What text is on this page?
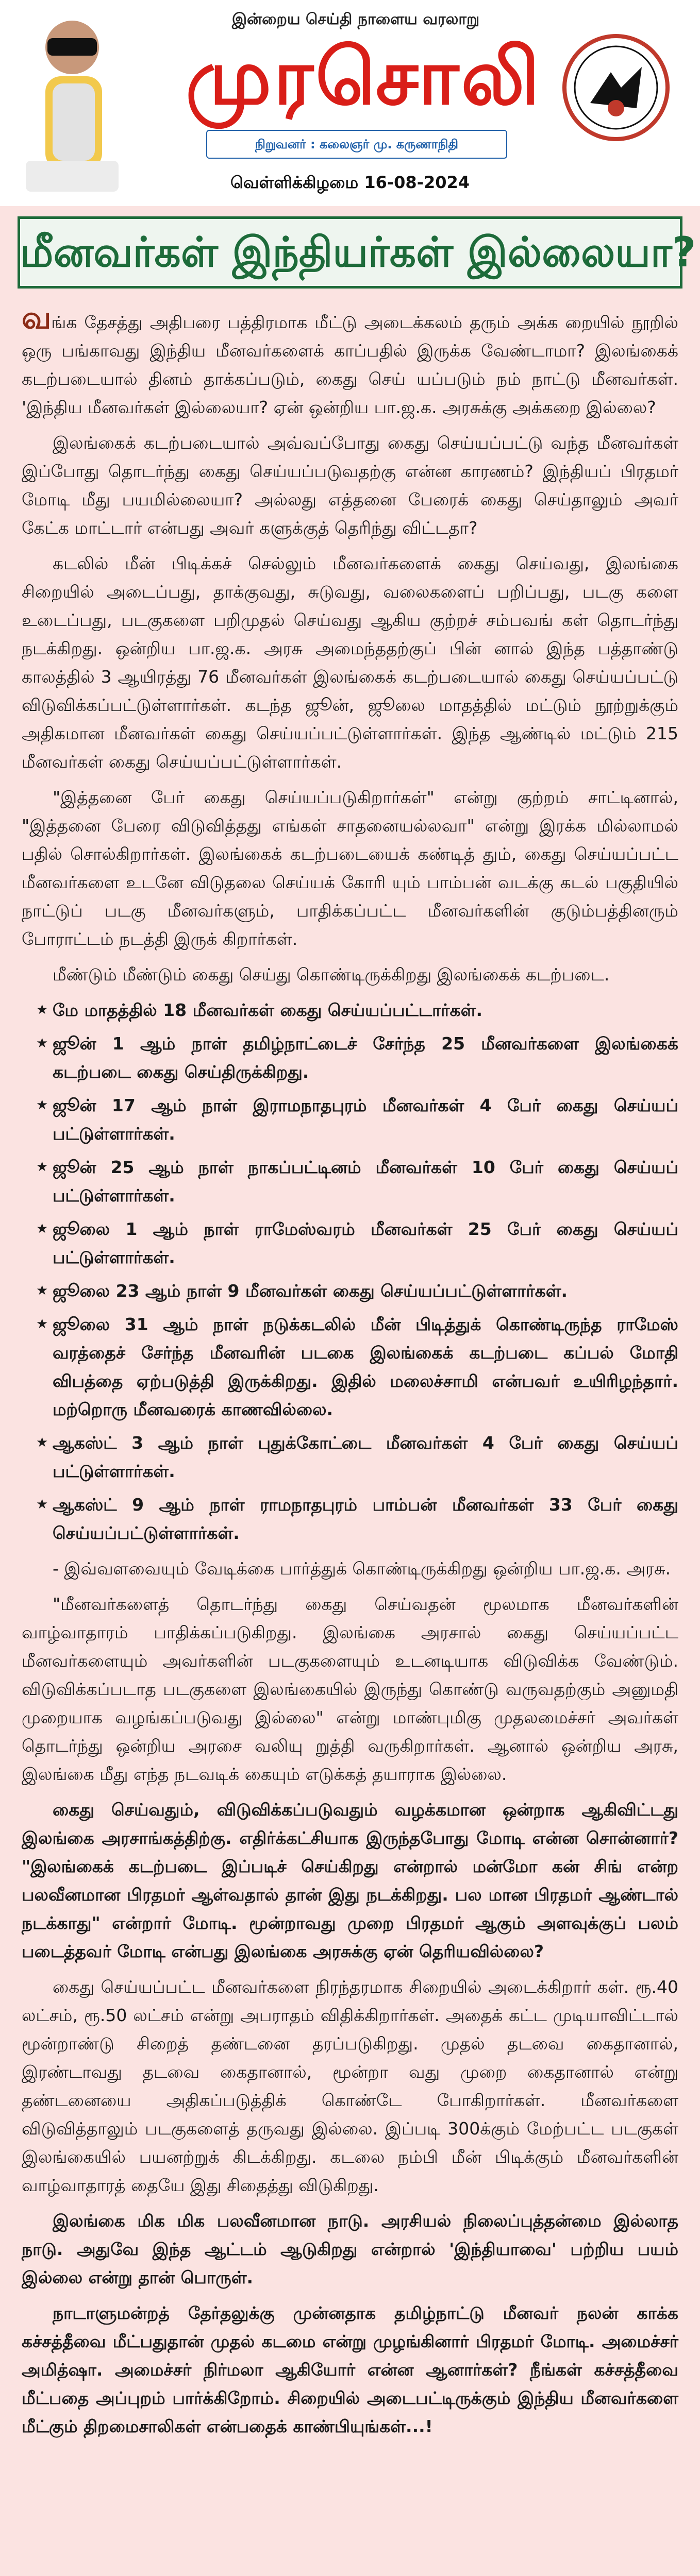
இன்றைய செய்தி நாளைய வரலாறு
முரசொலி
நிறுவனர் : கலைஞர் மு. கருணாநிதி
வெள்ளிக்கிழமை 16-08-2024
மீனவர்கள் இந்தியர்கள் இல்லையா?

வங்க தேசத்து அதிபரை பத்திரமாக மீட்டு அடைக்கலம் தரும் அக்க றையில் நூறில் ஒரு பங்காவது இந்திய மீனவர்களைக் காப்பதில் இருக்க வேண்டாமா? இலங்கைக் கடற்படையால் தினம் தாக்கப்படும், கைது செய் யப்படும் நம் நாட்டு மீனவர்கள். 'இந்திய மீனவர்கள் இல்லையா? ஏன் ஒன்றிய பா.ஜ.க. அரசுக்கு அக்கறை இல்லை?

இலங்கைக் கடற்படையால் அவ்வப்போது கைது செய்யப்பட்டு வந்த மீனவர்கள் இப்போது தொடர்ந்து கைது செய்யப்படுவதற்கு என்ன காரணம்? இந்தியப் பிரதமர் மோடி மீது பயமில்லையா? அல்லது எத்தனை பேரைக் கைது செய்தாலும் அவர் கேட்க மாட்டார் என்பது அவர் களுக்குத் தெரிந்து விட்டதா?

கடலில் மீன் பிடிக்கச் செல்லும் மீனவர்களைக் கைது செய்வது, இலங்கை சிறையில் அடைப்பது, தாக்குவது, சுடுவது, வலைகளைப் பறிப்பது, படகு களை உடைப்பது, படகுகளை பறிமுதல் செய்வது ஆகிய குற்றச் சம்பவங் கள் தொடர்ந்து நடக்கிறது. ஒன்றிய பா.ஜ.க. அரசு அமைந்ததற்குப் பின் னால் இந்த பத்தாண்டு காலத்தில் 3 ஆயிரத்து 76 மீனவர்கள் இலங்கைக் கடற்படையால் கைது செய்யப்பட்டு விடுவிக்கப்பட்டுள்ளார்கள். கடந்த ஜூன், ஜூலை மாதத்தில் மட்டும் நூற்றுக்கும் அதிகமான மீனவர்கள் கைது செய்யப்பட்டுள்ளார்கள். இந்த ஆண்டில் மட்டும் 215 மீனவர்கள் கைது செய்யப்பட்டுள்ளார்கள்.

"இத்தனை பேர் கைது செய்யப்படுகிறார்கள்" என்று குற்றம் சாட்டினால், "இத்தனை பேரை விடுவித்தது எங்கள் சாதனையல்லவா" என்று இரக்க மில்லாமல் பதில் சொல்கிறார்கள். இலங்கைக் கடற்படையைக் கண்டித் தும், கைது செய்யப்பட்ட மீனவர்களை உடனே விடுதலை செய்யக் கோரி யும் பாம்பன் வடக்கு கடல் பகுதியில் நாட்டுப் படகு மீனவர்களும், பாதிக்கப்பட்ட மீனவர்களின் குடும்பத்தினரும் போராட்டம் நடத்தி இருக் கிறார்கள்.

மீண்டும் மீண்டும் கைது செய்து கொண்டிருக்கிறது இலங்கைக் கடற்படை.

★ மே மாதத்தில் 18 மீனவர்கள் கைது செய்யப்பட்டார்கள்.
★ ஜூன் 1 ஆம் நாள் தமிழ்நாட்டைச் சேர்ந்த 25 மீனவர்களை இலங்கைக் கடற்படை கைது செய்திருக்கிறது.
★ ஜூன் 17 ஆம் நாள் இராமநாதபுரம் மீனவர்கள் 4 பேர் கைது செய்யப் பட்டுள்ளார்கள்.
★ ஜூன் 25 ஆம் நாள் நாகப்பட்டினம் மீனவர்கள் 10 பேர் கைது செய்யப் பட்டுள்ளார்கள்.
★ ஜூலை 1 ஆம் நாள் ராமேஸ்வரம் மீனவர்கள் 25 பேர் கைது செய்யப் பட்டுள்ளார்கள்.
★ ஜூலை 23 ஆம் நாள் 9 மீனவர்கள் கைது செய்யப்பட்டுள்ளார்கள்.
★ ஜூலை 31 ஆம் நாள் நடுக்கடலில் மீன் பிடித்துக் கொண்டிருந்த ராமேஸ் வரத்தைச் சேர்ந்த மீனவரின் படகை இலங்கைக் கடற்படை கப்பல் மோதி விபத்தை ஏற்படுத்தி இருக்கிறது. இதில் மலைச்சாமி என்பவர் உயிரிழந்தார். மற்றொரு மீனவரைக் காணவில்லை.
★ ஆகஸ்ட் 3 ஆம் நாள் புதுக்கோட்டை மீனவர்கள் 4 பேர் கைது செய்யப் பட்டுள்ளார்கள்.
★ ஆகஸ்ட் 9 ஆம் நாள் ராமநாதபுரம் பாம்பன் மீனவர்கள் 33 பேர் கைது செய்யப்பட்டுள்ளார்கள்.

- இவ்வளவையும் வேடிக்கை பார்த்துக் கொண்டிருக்கிறது ஒன்றிய பா.ஜ.க. அரசு.

"மீனவர்களைத் தொடர்ந்து கைது செய்வதன் மூலமாக மீனவர்களின் வாழ்வாதாரம் பாதிக்கப்படுகிறது. இலங்கை அரசால் கைது செய்யப்பட்ட மீனவர்களையும் அவர்களின் படகுகளையும் உடனடியாக விடுவிக்க வேண்டும். விடுவிக்கப்படாத படகுகளை இலங்கையில் இருந்து கொண்டு வருவதற்கும் அனுமதி முறையாக வழங்கப்படுவது இல்லை" என்று மாண்புமிகு முதலமைச்சர் அவர்கள் தொடர்ந்து ஒன்றிய அரசை வலியு றுத்தி வருகிறார்கள். ஆனால் ஒன்றிய அரசு, இலங்கை மீது எந்த நடவடிக் கையும் எடுக்கத் தயாராக இல்லை.

கைது செய்வதும், விடுவிக்கப்படுவதும் வழக்கமான ஒன்றாக ஆகிவிட்டது இலங்கை அரசாங்கத்திற்கு. எதிர்க்கட்சியாக இருந்தபோது மோடி என்ன சொன்னார்? "இலங்கைக் கடற்படை இப்படிச் செய்கிறது என்றால் மன்மோ கன் சிங் என்ற பலவீனமான பிரதமர் ஆள்வதால் தான் இது நடக்கிறது. பல மான பிரதமர் ஆண்டால் நடக்காது" என்றார் மோடி. மூன்றாவது முறை பிரதமர் ஆகும் அளவுக்குப் பலம் படைத்தவர் மோடி என்பது இலங்கை அரசுக்கு ஏன் தெரியவில்லை?

கைது செய்யப்பட்ட மீனவர்களை நிரந்தரமாக சிறையில் அடைக்கிறார் கள். ரூ.40 லட்சம், ரூ.50 லட்சம் என்று அபராதம் விதிக்கிறார்கள். அதைக் கட்ட முடியாவிட்டால் மூன்றாண்டு சிறைத் தண்டனை தரப்படுகிறது. முதல் தடவை கைதானால், இரண்டாவது தடவை கைதானால், மூன்றா வது முறை கைதானால் என்று தண்டனையை அதிகப்படுத்திக் கொண்டே போகிறார்கள். மீனவர்களை விடுவித்தாலும் படகுகளைத் தருவது இல்லை. இப்படி 300க்கும் மேற்பட்ட படகுகள் இலங்கையில் பயனற்றுக் கிடக்கிறது. கடலை நம்பி மீன் பிடிக்கும் மீனவர்களின் வாழ்வாதாரத் தையே இது சிதைத்து விடுகிறது.

இலங்கை மிக மிக பலவீனமான நாடு. அரசியல் நிலைப்புத்தன்மை இல்லாத நாடு. அதுவே இந்த ஆட்டம் ஆடுகிறது என்றால் 'இந்தியாவை' பற்றிய பயம் இல்லை என்று தான் பொருள்.

நாடாளுமன்றத் தேர்தலுக்கு முன்னதாக தமிழ்நாட்டு மீனவர் நலன் காக்க கச்சத்தீவை மீட்பதுதான் முதல் கடமை என்று முழங்கினார் பிரதமர் மோடி. அமைச்சர் அமித்ஷா. அமைச்சர் நிர்மலா ஆகியோர் என்ன ஆனார்கள்? நீங்கள் கச்சத்தீவை மீட்பதை அப்புறம் பார்க்கிறோம். சிறையில் அடைபட்டிருக்கும் இந்திய மீனவர்களை மீட்கும் திறமைசாலிகள் என்பதைக் காண்பியுங்கள்...!
